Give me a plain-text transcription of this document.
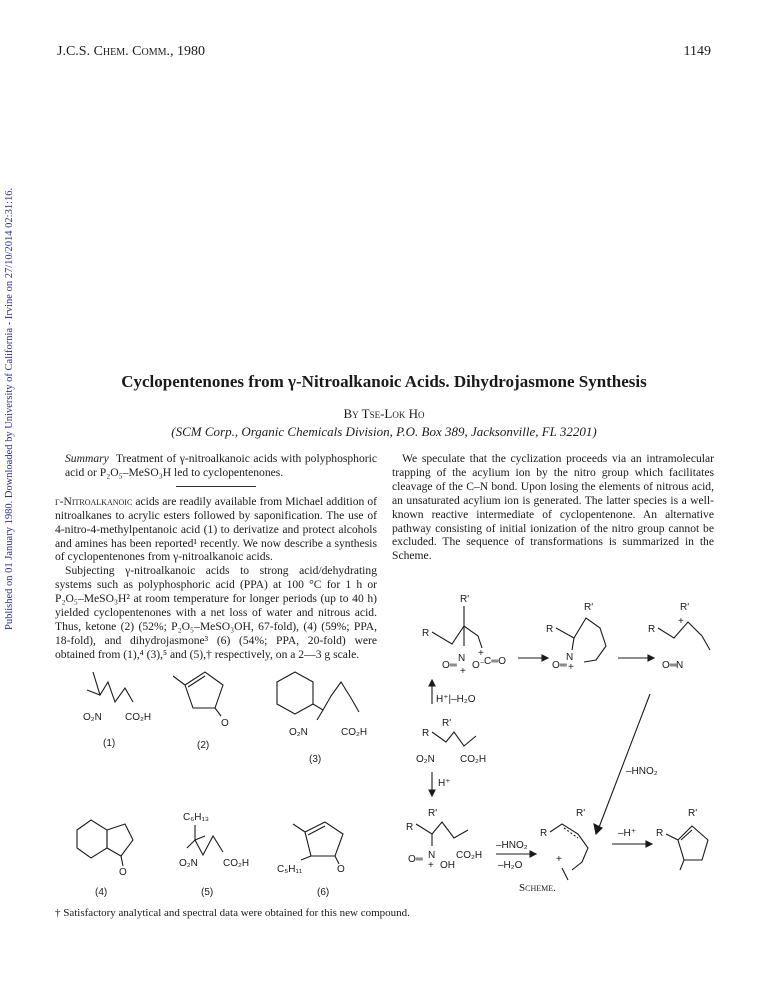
J.C.S. Chem. Comm., 1980	1149
Published on 01 January 1980. Downloaded by University of California - Irvine on 27/10/2014 02:31:16.	Cyclopentenones from γ-Nitroalkanoic Acids. Dihydrojasmone Synthesis
By Tse-Lok Ho
(SCM Corp., Organic Chemicals Division, P.O. Box 389, Jacksonville, FL 32201)

Summary Treatment of γ-nitroalkanoic acids with polyphosphoric acid or P₂O₅–MeSO₃H led to cyclopentenones.

γ-Nitroalkanoic acids are readily available from Michael addition of nitroalkanes to acrylic esters followed by saponification. The use of 4-nitro-4-methylpentanoic acid (1) to derivatize and protect alcohols and amines has been reported¹ recently. We now describe a synthesis of cyclopentenones from γ-nitroalkanoic acids.

Subjecting γ-nitroalkanoic acids to strong acid/dehydrating systems such as polyphosphoric acid (PPA) at 100 °C for 1 h or P₂O₅–MeSO₃H² at room temperature for longer periods (up to 40 h) yielded cyclopentenones with a net loss of water and nitrous acid. Thus, ketone (2) (52%; P₂O₅–MeSO₃OH, 67-fold), (4) (59%; PPA, 18-fold), and dihydrojasmone³ (6) (54%; PPA, 20-fold) were obtained from (1),⁴ (3),⁵ and (5),† respectively, on a 2—3 g scale.

We speculate that the cyclization proceeds via an intramolecular trapping of the acylium ion by the nitro group which facilitates cleavage of the C–N bond. Upon losing the elements of nitrous acid, an unsaturated acylium ion is generated. The latter species is a well-known reactive intermediate of cyclopentenone. An alternative pathway consisting of initial ionization of the nitro group cannot be excluded. The sequence of transformations is summarized in the Scheme.

O₂N CO₂H
(1)
O
(2)
O₂N	CO₂H
(3)
O
(4)
C₆H₁₃
O₂N	CO₂H
(5)
C₅H₁₁	O
(6)
R'
R
N
O═
+
O⁻
+
C═O
R'
R
N
O═ +
R'
R
+
O═ N
H⁺|–H₂O
R'
R
O₂N	CO₂H
H⁺
–HNO₂
R'
R
N
O═
+ OH
CO₂H
–HNO₂
–H₂O
R'
R
+
–H⁺
R'
R
Scheme.
† Satisfactory analytical and spectral data were obtained for this new compound.
